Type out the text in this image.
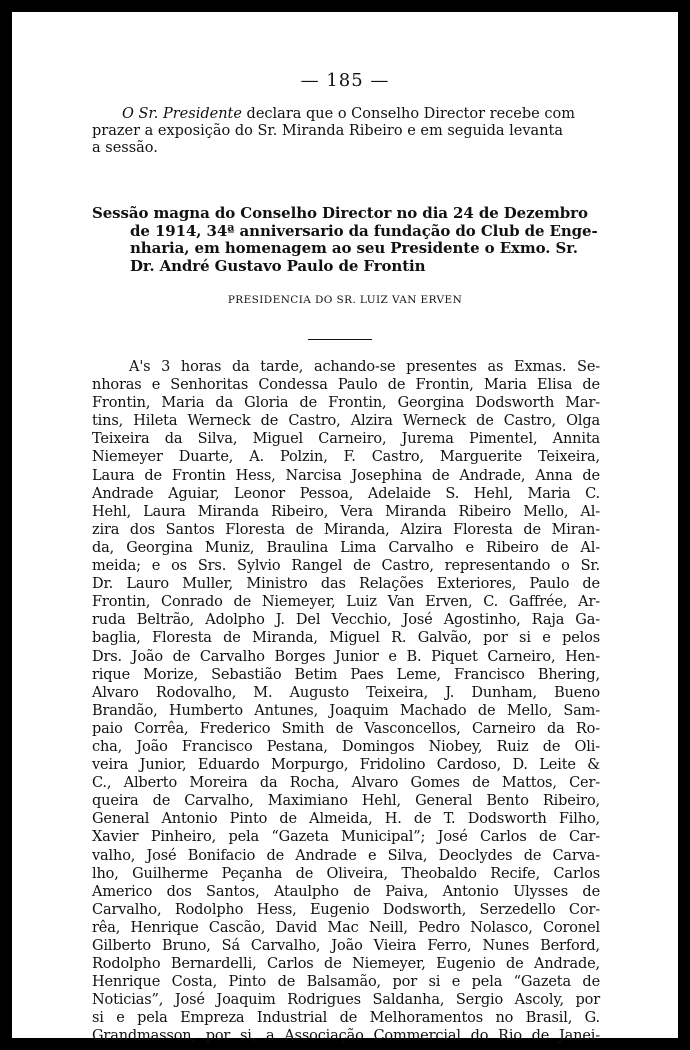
— 185 —
O Sr. Presidente declara que o Conselho Director recebe com
prazer a exposição do Sr. Miranda Ribeiro e em seguida levanta
a sessão.
Sessão magna do Conselho Director no dia 24 de Dezembro
de 1914, 34ª anniversario da fundação do Club de Enge-
nharia, em homenagem ao seu Presidente o Exmo. Sr.
Dr. André Gustavo Paulo de Frontin
PRESIDENCIA DO SR. LUIZ VAN ERVEN
A's 3 horas da tarde, achando-se presentes as Exmas. Se-
nhoras e Senhoritas Condessa Paulo de Frontin, Maria Elisa de
Frontin, Maria da Gloria de Frontin, Georgina Dodsworth Mar-
tins, Hileta Werneck de Castro, Alzira Werneck de Castro, Olga
Teixeira da Silva, Miguel Carneiro, Jurema Pimentel, Annita
Niemeyer Duarte, A. Polzin, F. Castro, Marguerite Teixeira,
Laura de Frontin Hess, Narcisa Josephina de Andrade, Anna de
Andrade Aguiar, Leonor Pessoa, Adelaide S. Hehl, Maria C.
Hehl, Laura Miranda Ribeiro, Vera Miranda Ribeiro Mello, Al-
zira dos Santos Floresta de Miranda, Alzira Floresta de Miran-
da, Georgina Muniz, Braulina Lima Carvalho e Ribeiro de Al-
meida; e os Srs. Sylvio Rangel de Castro, representando o Sr.
Dr. Lauro Muller, Ministro das Relações Exteriores, Paulo de
Frontin, Conrado de Niemeyer, Luiz Van Erven, C. Gaffrée, Ar-
ruda Beltrão, Adolpho J. Del Vecchio, José Agostinho, Raja Ga-
baglia, Floresta de Miranda, Miguel R. Galvão, por si e pelos
Drs. João de Carvalho Borges Junior e B. Piquet Carneiro, Hen-
rique Morize, Sebastião Betim Paes Leme, Francisco Bhering,
Alvaro Rodovalho, M. Augusto Teixeira, J. Dunham, Bueno
Brandão, Humberto Antunes, Joaquim Machado de Mello, Sam-
paio Corrêa, Frederico Smith de Vasconcellos, Carneiro da Ro-
cha, João Francisco Pestana, Domingos Niobey, Ruiz de Oli-
veira Junior, Eduardo Morpurgo, Fridolino Cardoso, D. Leite &
C., Alberto Moreira da Rocha, Alvaro Gomes de Mattos, Cer-
queira de Carvalho, Maximiano Hehl, General Bento Ribeiro,
General Antonio Pinto de Almeida, H. de T. Dodsworth Filho,
Xavier Pinheiro, pela “Gazeta Municipal”; José Carlos de Car-
valho, José Bonifacio de Andrade e Silva, Deoclydes de Carva-
lho, Guilherme Peçanha de Oliveira, Theobaldo Recife, Carlos
Americo dos Santos, Ataulpho de Paiva, Antonio Ulysses de
Carvalho, Rodolpho Hess, Eugenio Dodsworth, Serzedello Cor-
rêa, Henrique Cascão, David Mac Neill, Pedro Nolasco, Coronel
Gilberto Bruno, Sá Carvalho, João Vieira Ferro, Nunes Berford,
Rodolpho Bernardelli, Carlos de Niemeyer, Eugenio de Andrade,
Henrique Costa, Pinto de Balsamão, por si e pela “Gazeta de
Noticias”, José Joaquim Rodrigues Saldanha, Sergio Ascoly, por
si e pela Empreza Industrial de Melhoramentos no Brasil, G.
Grandmasson, por si, a Associação Commercial do Rio de Janei-
